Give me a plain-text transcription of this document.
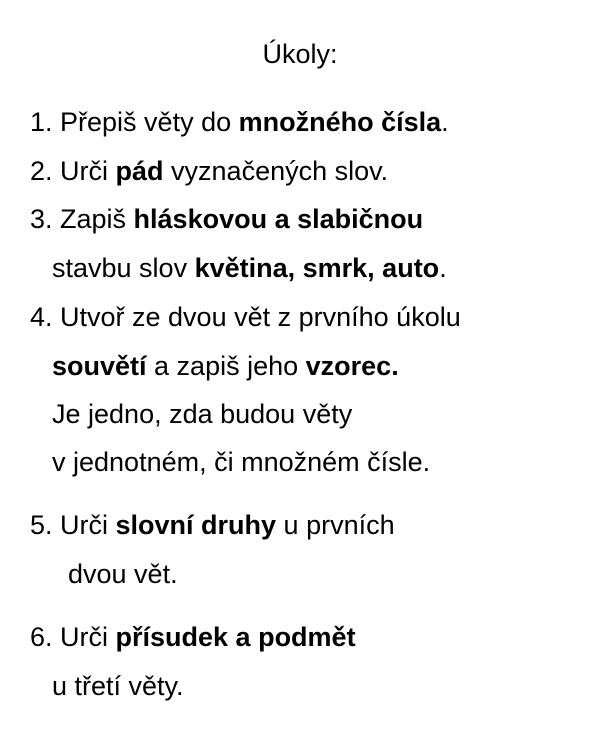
Úkoly:
1. Přepiš věty do množného čísla.
2. Urči pád vyznačených slov.
3. Zapiš hláskovou a slabičnou
stavbu slov květina, smrk, auto.
4. Utvoř ze dvou vět z prvního úkolu
souvětí a zapiš jeho vzorec.
Je jedno, zda budou věty
v jednotném, či množném čísle.
5. Urči slovní druhy u prvních
dvou vět.
6. Urči přísudek a podmět
u třetí věty.
